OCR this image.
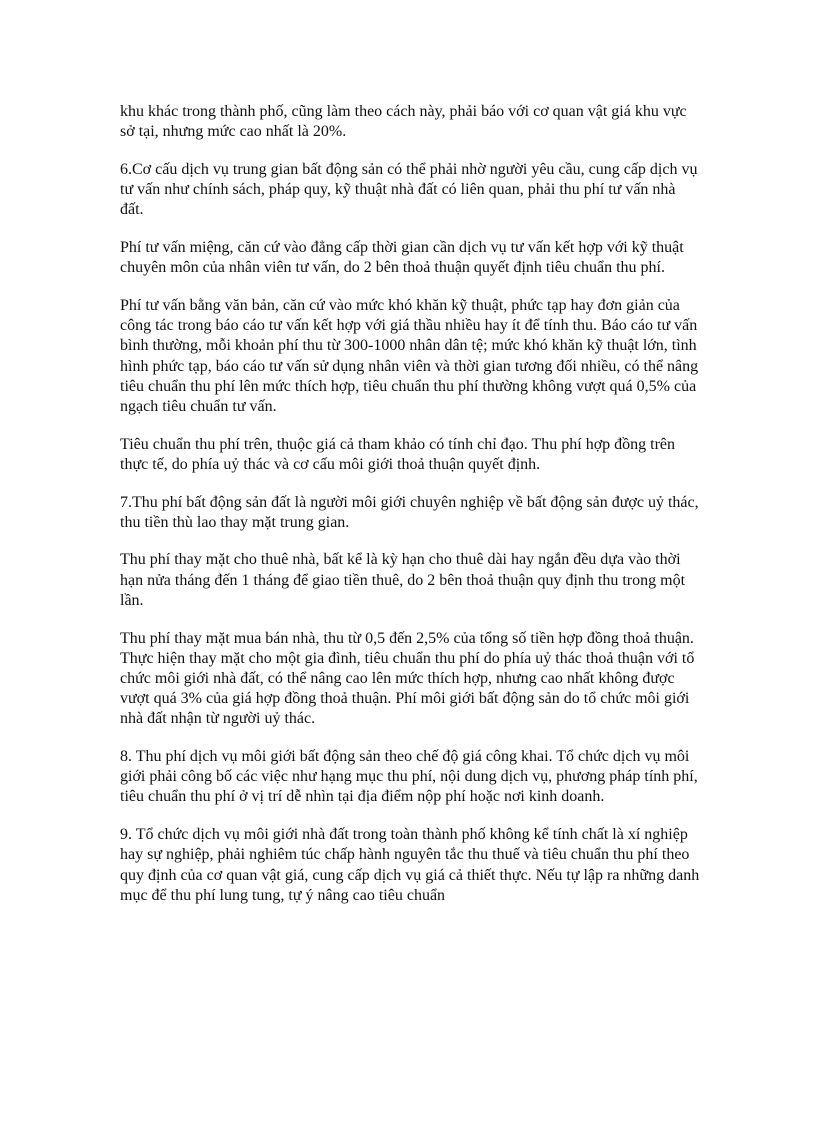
khu khác trong thành phố, cũng làm theo cách này, phải báo với cơ quan vật giá khu vực sở tại, nhưng mức cao nhất là 20%.

6.Cơ cấu dịch vụ trung gian bất động sản có thể phải nhờ người yêu cầu, cung cấp dịch vụ tư vấn như chính sách, pháp quy, kỹ thuật nhà đất có liên quan, phải thu phí tư vấn nhà đất.

Phí tư vấn miệng, căn cứ vào đẳng cấp thời gian cần dịch vụ tư vấn kết hợp với kỹ thuật chuyên môn của nhân viên tư vấn, do 2 bên thoả thuận quyết định tiêu chuẩn thu phí.

Phí tư vấn bằng văn bản, căn cứ vào mức khó khăn kỹ thuật, phức tạp hay đơn giản của công tác trong báo cáo tư vấn kết hợp với giá thầu nhiều hay ít để tính thu. Báo cáo tư vấn bình thường, mỗi khoản phí thu từ 300-1000 nhân dân tệ; mức khó khăn kỹ thuật lớn, tình hình phức tạp, báo cáo tư vấn sử dụng nhân viên và thời gian tương đối nhiều, có thể nâng tiêu chuẩn thu phí lên mức thích hợp, tiêu chuẩn thu phí thường không vượt quá 0,5% của ngạch tiêu chuẩn tư vấn.

Tiêu chuẩn thu phí trên, thuộc giá cả tham khảo có tính chỉ đạo. Thu phí hợp đồng trên thực tế, do phía uỷ thác và cơ cấu môi giới thoả thuận quyết định.

7.Thu phí bất động sản đất là người môi giới chuyên nghiệp về bất động sản được uỷ thác, thu tiền thù lao thay mặt trung gian.

Thu phí thay mặt cho thuê nhà, bất kể là kỳ hạn cho thuê dài hay ngắn đều dựa vào thời hạn nửa tháng đến 1 tháng để giao tiền thuê, do 2 bên thoả thuận quy định thu trong một lần.

Thu phí thay mặt mua bán nhà, thu từ 0,5 đến 2,5% của tổng số tiền hợp đồng thoả thuận. Thực hiện thay mặt cho một gia đình, tiêu chuẩn thu phí do phía uỷ thác thoả thuận với tổ chức môi giới nhà đất, có thể nâng cao lên mức thích hợp, nhưng cao nhất không được vượt quá 3% của giá hợp đồng thoả thuận. Phí môi giới bất động sản do tổ chức môi giới nhà đất nhận từ người uỷ thác.

8. Thu phí dịch vụ môi giới bất động sản theo chế độ giá công khai. Tổ chức dịch vụ môi giới phải công bố các việc như hạng mục thu phí, nội dung dịch vụ, phương pháp tính phí, tiêu chuẩn thu phí ở vị trí dễ nhìn tại địa điểm nộp phí hoặc nơi kinh doanh.

9. Tổ chức dịch vụ môi giới nhà đất trong toàn thành phố không kể tính chất là xí nghiệp hay sự nghiệp, phải nghiêm túc chấp hành nguyên tắc thu thuế và tiêu chuẩn thu phí theo quy định của cơ quan vật giá, cung cấp dịch vụ giá cả thiết thực. Nếu tự lập ra những danh mục để thu phí lung tung, tự ý nâng cao tiêu chuẩn
